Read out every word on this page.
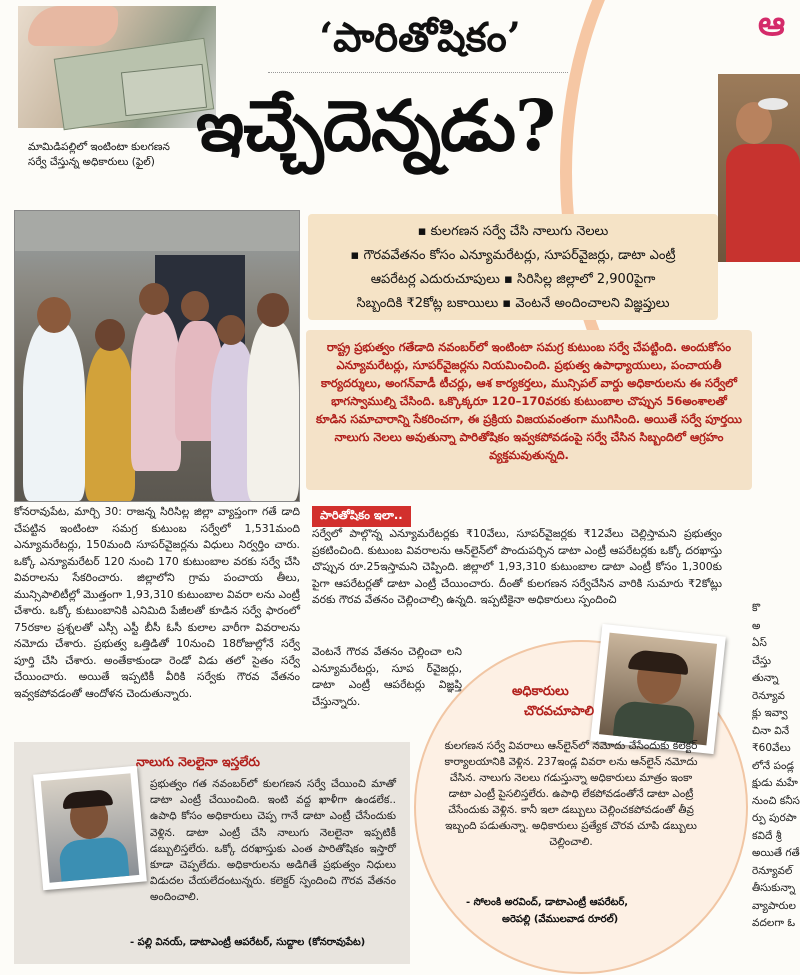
మామిడిపల్లిలో ఇంటింటా కులగణన సర్వే చేస్తున్న అధికారులు (ఫైల్)
‘పారితోషికం’
ఇచ్చేదెన్నడు?
ఆ
▪ కులగణన సర్వే చేసి నాలుగు నెలలు
▪ గౌరవవేతనం కోసం ఎన్యూమరేటర్లు, సూపర్‌వైజర్లు, డాటా ఎంట్రీ
ఆపరేటర్ల ఎదురుచూపులు ▪ సిరిసిల్ల జిల్లాలో 2,900పైగా
సిబ్బందికి ₹2కోట్ల బకాయిలు ▪ వెంటనే అందించాలని విజ్ఞప్తులు
రాష్ట్ర ప్రభుత్వం గతేడాది నవంబర్‌లో ఇంటింటా సమగ్ర కుటుంబ సర్వే చేపట్టింది. అందుకోసం ఎన్యూమరేటర్లు, సూపర్‌వైజర్లను నియమించింది. ప్రభుత్వ ఉపాధ్యాయులు, పంచాయతీ కార్యదర్శులు, అంగన్‌వాడీ టీచర్లు, ఆశ కార్యకర్తలు, మున్సిపల్ వార్డు అధికారులను ఈ సర్వేలో భాగస్వాముల్ని చేసింది. ఒక్కొక్కరూ 120–170వరకు కుటుంబాల చొప్పున 56అంశాలతో కూడిన సమాచారాన్ని సేకరించగా, ఈ ప్రక్రియ విజయవంతంగా ముగిసింది. అయితే సర్వే పూర్తయి నాలుగు నెలలు అవుతున్నా పారితోషికం ఇవ్వకపోవడంపై సర్వే చేసిన సిబ్బందిలో ఆగ్రహం వ్యక్తమవుతున్నది.
కోనరావుపేట, మార్చి 30: రాజన్న సిరిసిల్ల జిల్లా వ్యాప్తంగా గతే డాది చేపట్టిన ఇంటింటా సమగ్ర కుటుంబ సర్వేలో 1,531మంది ఎన్యూమరేటర్లు, 150మంది సూపర్‌వైజర్లను విధులు నిర్వర్తిం చారు. ఒక్కో ఎన్యూమరేటర్ 120 నుంచి 170 కుటుంబాల వరకు సర్వే చేసి వివరాలను సేకరించారు. జిల్లాలోని గ్రామ పంచాయ తీలు, మున్సిపాలిటీల్లో మొత్తంగా 1,93,310 కుటుంబాల వివరా లను ఎంట్రీ చేశారు. ఒక్కో కుటుంబానికి ఎనిమిది పేజీలతో కూడిన సర్వే ఫారంలో 75రకాల ప్రశ్నలతో ఎస్సీ ఎస్టీ బీసీ ఓసీ కులాల వారీగా వివరాలను నమోదు చేశారు. ప్రభుత్వ ఒత్తిడితో 10నుంచి 18రోజుల్లోనే సర్వే పూర్తి చేసి చేశారు. అంతేకాకుండా రెండో విడు తలో సైతం సర్వే చేయించారు. అయితే ఇప్పటికీ వీరికి సర్వేకు గౌరవ వేతనం ఇవ్వకపోవడంతో ఆందోళన చెందుతున్నారు.
పారితోషికం ఇలా..
సర్వేలో పాల్గొన్న ఎన్యూమరేటర్లకు ₹10వేలు, సూపర్‌వైజర్లకు ₹12వేలు చెల్లిస్తామని ప్రభుత్వం ప్రకటించింది. కుటుంబ వివరాలను ఆన్‌లైన్‌లో పొందుపర్చిన డాటా ఎంట్రీ ఆపరేటర్లకు ఒక్కో దరఖాస్తు చొప్పున రూ.25ఇస్తామని చెప్పింది. జిల్లాలో 1,93,310 కుటుంబాల డాటా ఎంట్రీ కోసం 1,300కు పైగా ఆపరేటర్లతో డాటా ఎంట్రీ చేయించారు. దీంతో కులగణన సర్వేచేసిన వారికి సుమారు ₹2కోట్లు వరకు గౌరవ వేతనం చెల్లించాల్సి ఉన్నది. ఇప్పటికైనా అధికారులు స్పందించి
వెంటనే గౌరవ వేతనం చెల్లించా లని ఎన్యూమరేటర్లు, సూప ర్‌వైజర్లు, డాటా ఎంట్రీ ఆపరేటర్లు విజ్ఞప్తి చేస్తున్నారు.
అధికారులు
చొరవచూపాలి
కులగణన సర్వే వివరాలు ఆన్‌లైన్‌లో నమోదు చేసేందుకు కలెక్టర్ కార్యాలయానికి వెళ్లిన. 237ఇండ్ల వివరా లను ఆన్‌లైన్ నమోదు చేసిన. నాలుగు నెలలు గడుస్తున్నా అధికారులు మాత్రం ఇంకా డాటా ఎంట్రీ పైసలిస్తలేరు. ఉపాధి లేకపోవడంతోనే డాటా ఎంట్రీ చేసేందుకు వెళ్లిన. కానీ ఇలా డబ్బులు చెల్లించకపోవడంతో తీవ్ర ఇబ్బంది పడుతున్నా. అధికారులు ప్రత్యేక చొరవ చూపి డబ్బులు చెల్లించాలి.
- సోలంకి అరవింద్, డాటాఎంట్రీ ఆపరేటర్,
అరెపల్లి (వేములవాడ రూరల్)
నాలుగు నెలలైనా ఇస్తలేరు
ప్రభుత్వం గత నవంబర్‌లో కులగణన సర్వే చేయించి మాతో డాటా ఎంట్రీ చేయించింది. ఇంటి వద్ద ఖాళీగా ఉండలేక.. ఉపాధి కోసం అధికారులు చెప్ప గానే డాటా ఎంట్రీ చేసేందుకు వెళ్లిన. డాటా ఎంట్రీ చేసి నాలుగు నెలలైనా ఇప్పటికీ డబ్బులిస్తలేరు. ఒక్కో దరఖాస్తుకు ఎంత పారితోషికం ఇస్తారో కూడా చెప్పలేదు. అధికారులను అడిగితే ప్రభుత్వం నిధులు విడుదల చేయలేదంటున్నరు. కలెక్టర్ స్పందించి గౌరవ వేతనం అందించాలి.
- పల్లి వినయ్, డాటాఎంట్రీ ఆపరేటర్, సుద్దాల (కోనరావుపేట)
కొ
అ
ఏస్
చేస్తు
తున్నా
రెన్యూవ
క్లు ఇవ్వా
చినా వినే
₹60వేలు
లోనే పండ్ల
క్షుడు మహే
నుంచి కనీస
ర్పు పురపా
కవిదే శ్రీ
అయితే గతే
రెన్యూవల్
తీసుకున్నా
వ్యాపారుల
వదలగా ఓ
